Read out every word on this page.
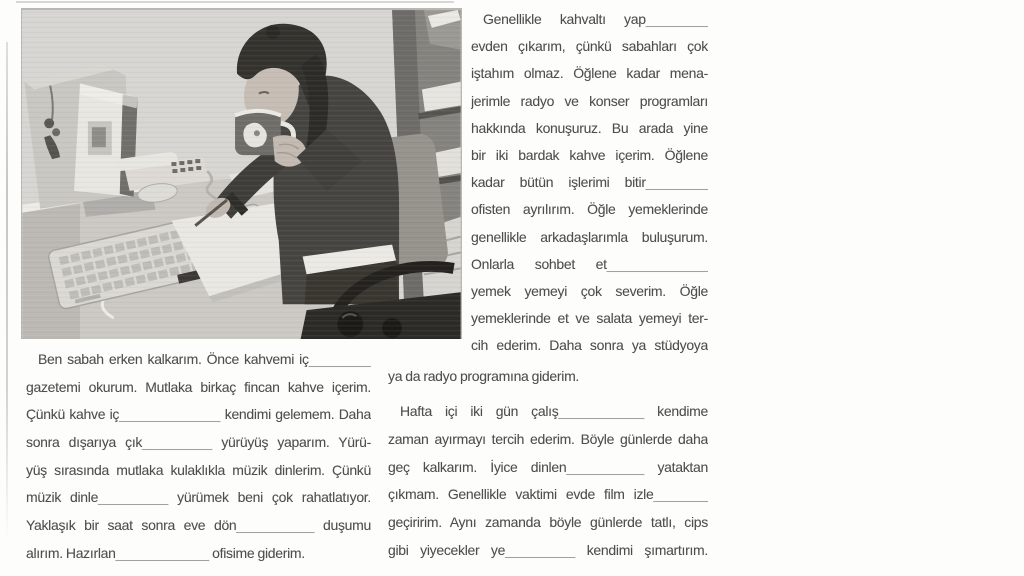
Ben sabah erken kalkarım. Önce kahvemi iç________
gazetemi okurum. Mutlaka birkaç fincan kahve içerim.
Çünkü kahve iç_____________ kendimi gelemem. Daha
sonra dışarıya çık_________ yürüyüş yaparım. Yürü-
yüş sırasında mutlaka kulaklıkla müzik dinlerim. Çünkü
müzik dinle_________ yürümek beni çok rahatlatıyor.
Yaklaşık bir saat sonra eve dön__________ duşumu
alırım. Hazırlan____________ ofisime giderim.
Genellikle kahvaltı yap________
evden çıkarım, çünkü sabahları çok
iştahım olmaz. Öğlene kadar mena-
jerimle radyo ve konser programları
hakkında konuşuruz. Bu arada yine
bir iki bardak kahve içerim. Öğlene
kadar bütün işlerimi bitir________
ofisten ayrılırım. Öğle yemeklerinde
genellikle arkadaşlarımla buluşurum.
Onlarla sohbet et_____________
yemek yemeyi çok severim. Öğle
yemeklerinde et ve salata yemeyi ter-
cih ederim. Daha sonra ya stüdyoya
ya da radyo programına giderim.
Hafta içi iki gün çalış___________ kendime
zaman ayırmayı tercih ederim. Böyle günlerde daha
geç kalkarım. İyice dinlen__________ yataktan
çıkmam. Genellikle vaktimi evde film izle_______
geçiririm. Aynı zamanda böyle günlerde tatlı, cips
gibi yiyecekler ye_________ kendimi şımartırım.
